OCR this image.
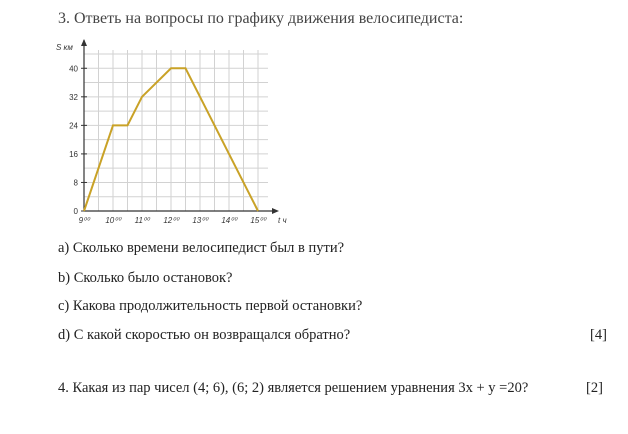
3. Ответь на вопросы по графику движения велосипедиста:
0
8
16
24
32
40
9⁰⁰ 10⁰⁰ 11⁰⁰ 12⁰⁰ 13⁰⁰ 14⁰⁰ 15⁰⁰
S км
t ч
a) Сколько времени велосипедист был в пути?
b) Сколько было остановок?
c) Какова продолжительность первой остановки?
d) С какой скоростью он возвращался обратно?	[4]
4. Какая из пар чисел (4; 6), (6; 2) является решением уравнения 3х + у =20?	[2]
